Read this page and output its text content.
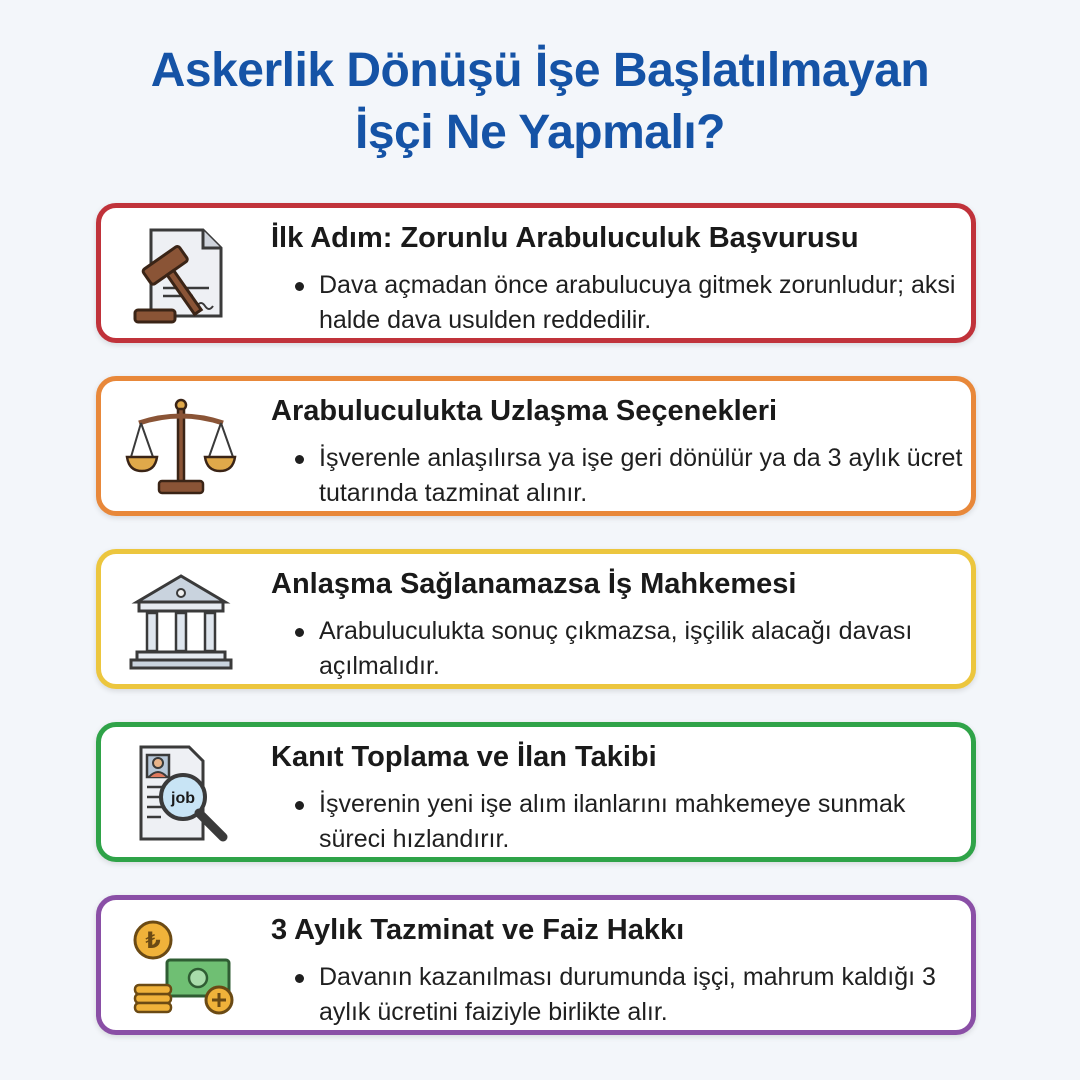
Askerlik Dönüşü İşe Başlatılmayan
İşçi Ne Yapmalı?
İlk Adım: Zorunlu Arabuluculuk Başvurusu
Dava açmadan önce arabulucuya gitmek zorunludur; aksi halde dava usulden reddedilir.
Arabuluculukta Uzlaşma Seçenekleri
İşverenle anlaşılırsa ya işe geri dönülür ya da 3 aylık ücret tutarında tazminat alınır.
Anlaşma Sağlanamazsa İş Mahkemesi
Arabuluculukta sonuç çıkmazsa, işçilik alacağı davası açılmalıdır.
job
Kanıt Toplama ve İlan Takibi
İşverenin yeni işe alım ilanlarını mahkemeye sunmak süreci hızlandırır.
₺	3 Aylık Tazminat ve Faiz Hakkı
Davanın kazanılması durumunda işçi, mahrum kaldığı 3 aylık ücretini faiziyle birlikte alır.
